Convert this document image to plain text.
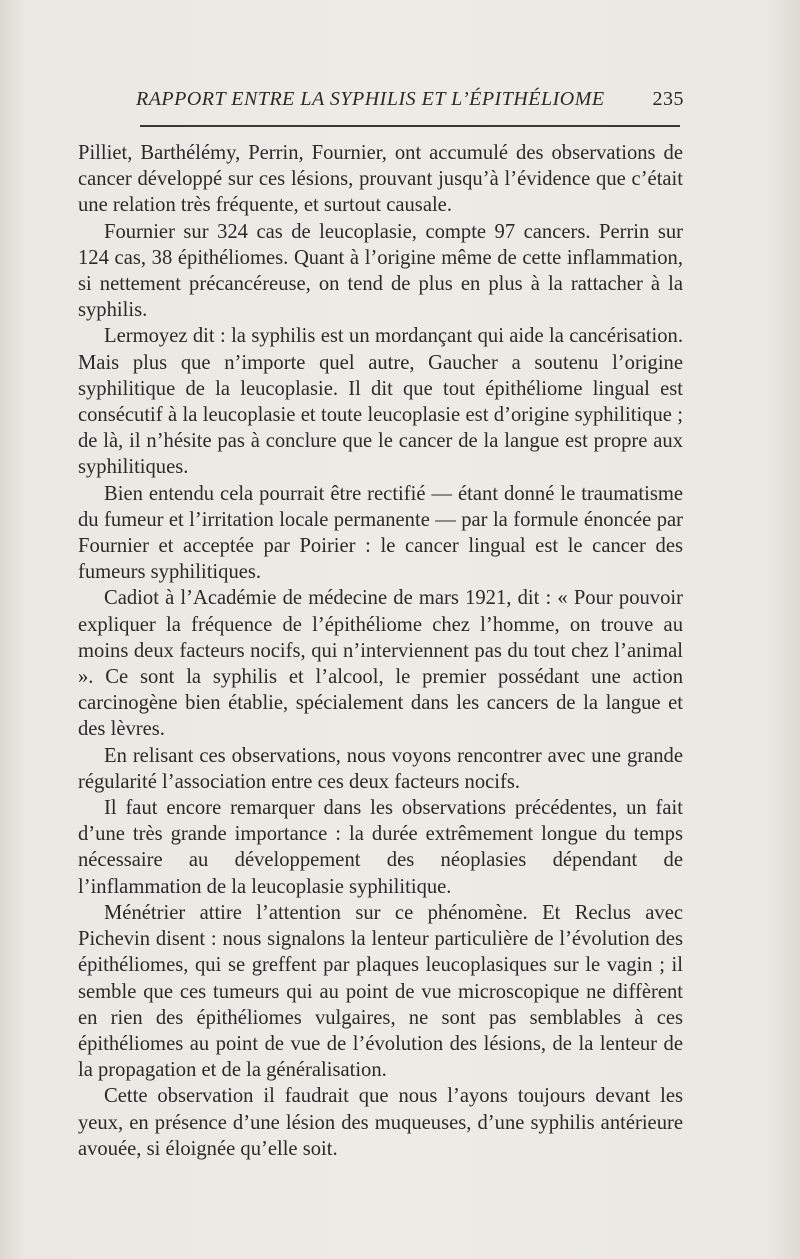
RAPPORT ENTRE LA SYPHILIS ET L’ÉPITHÉLIOME 235

Pilliet, Barthélémy, Perrin, Fournier, ont accumulé des observations de cancer développé sur ces lésions, prouvant jusqu’à l’évidence que c’était une relation très fréquente, et surtout causale.

Fournier sur 324 cas de leucoplasie, compte 97 cancers. Perrin sur 124 cas, 38 épithéliomes. Quant à l’origine même de cette inflammation, si nettement précancéreuse, on tend de plus en plus à la rattacher à la syphilis.

Lermoyez dit : la syphilis est un mordançant qui aide la cancérisation. Mais plus que n’importe quel autre, Gaucher a soutenu l’origine syphilitique de la leucoplasie. Il dit que tout épithéliome lingual est consécutif à la leucoplasie et toute leucoplasie est d’origine syphilitique ; de là, il n’hésite pas à conclure que le cancer de la langue est propre aux syphilitiques.

Bien entendu cela pourrait être rectifié — étant donné le traumatisme du fumeur et l’irritation locale permanente — par la formule énoncée par Fournier et acceptée par Poirier : le cancer lingual est le cancer des fumeurs syphilitiques.

Cadiot à l’Académie de médecine de mars 1921, dit : « Pour pouvoir expliquer la fréquence de l’épithéliome chez l’homme, on trouve au moins deux facteurs nocifs, qui n’interviennent pas du tout chez l’animal ». Ce sont la syphilis et l’alcool, le premier possédant une action carcinogène bien établie, spécialement dans les cancers de la langue et des lèvres.

En relisant ces observations, nous voyons rencontrer avec une grande régularité l’association entre ces deux facteurs nocifs.

Il faut encore remarquer dans les observations précédentes, un fait d’une très grande importance : la durée extrêmement longue du temps nécessaire au développement des néoplasies dépendant de l’inflammation de la leucoplasie syphilitique.

Ménétrier attire l’attention sur ce phénomène. Et Reclus avec Pichevin disent : nous signalons la lenteur particulière de l’évolution des épithéliomes, qui se greffent par plaques leucoplasiques sur le vagin ; il semble que ces tumeurs qui au point de vue microscopique ne diffèrent en rien des épithéliomes vulgaires, ne sont pas semblables à ces épithéliomes au point de vue de l’évolution des lésions, de la lenteur de la propagation et de la généralisation.

Cette observation il faudrait que nous l’ayons toujours devant les yeux, en présence d’une lésion des muqueuses, d’une syphilis antérieure avouée, si éloignée qu’elle soit.
